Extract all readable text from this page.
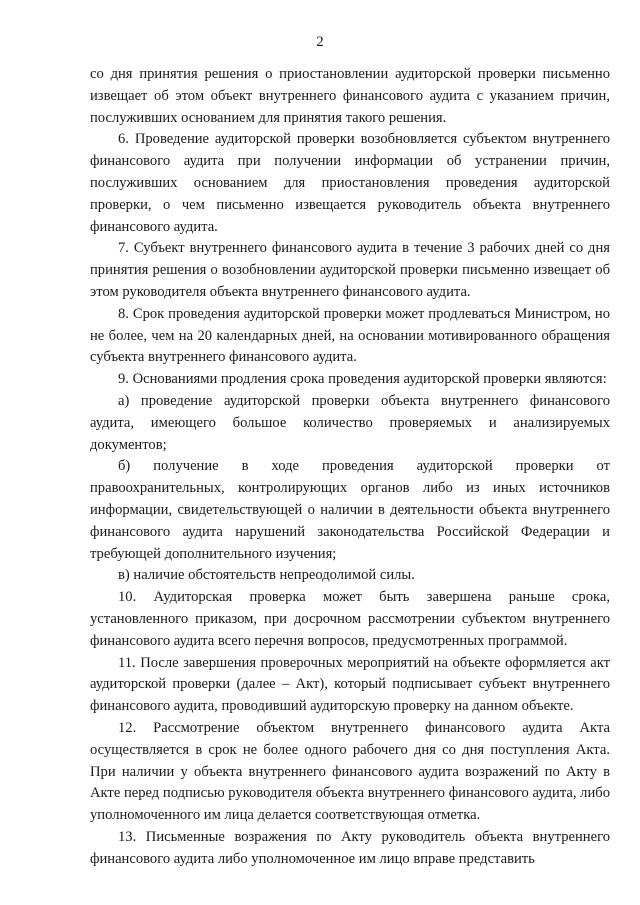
2

со дня принятия решения о приостановлении аудиторской проверки письменно извещает об этом объект внутреннего финансового аудита с указанием причин, послуживших основанием для принятия такого решения.

6. Проведение аудиторской проверки возобновляется субъектом внутреннего финансового аудита при получении информации об устранении причин, послуживших основанием для приостановления проведения аудиторской проверки, о чем письменно извещается руководитель объекта внутреннего финансового аудита.

7. Субъект внутреннего финансового аудита в течение 3 рабочих дней со дня принятия решения о возобновлении аудиторской проверки письменно извещает об этом руководителя объекта внутреннего финансового аудита.

8. Срок проведения аудиторской проверки может продлеваться Министром, но не более, чем на 20 календарных дней, на основании мотивированного обращения субъекта внутреннего финансового аудита.

9. Основаниями продления срока проведения аудиторской проверки являются:

а) проведение аудиторской проверки объекта внутреннего финансового аудита, имеющего большое количество проверяемых и анализируемых документов;

б) получение в ходе проведения аудиторской проверки от правоохранительных, контролирующих органов либо из иных источников информации, свидетельствующей о наличии в деятельности объекта внутреннего финансового аудита нарушений законодательства Российской Федерации и требующей дополнительного изучения;

в) наличие обстоятельств непреодолимой силы.

10. Аудиторская проверка может быть завершена раньше срока, установленного приказом, при досрочном рассмотрении субъектом внутреннего финансового аудита всего перечня вопросов, предусмотренных программой.

11. После завершения проверочных мероприятий на объекте оформляется акт аудиторской проверки (далее – Акт), который подписывает субъект внутреннего финансового аудита, проводивший аудиторскую проверку на данном объекте.

12. Рассмотрение объектом внутреннего финансового аудита Акта осуществляется в срок не более одного рабочего дня со дня поступления Акта. При наличии у объекта внутреннего финансового аудита возражений по Акту в Акте перед подписью руководителя объекта внутреннего финансового аудита, либо уполномоченного им лица делается соответствующая отметка.

13. Письменные возражения по Акту руководитель объекта внутреннего финансового аудита либо уполномоченное им лицо вправе представить
